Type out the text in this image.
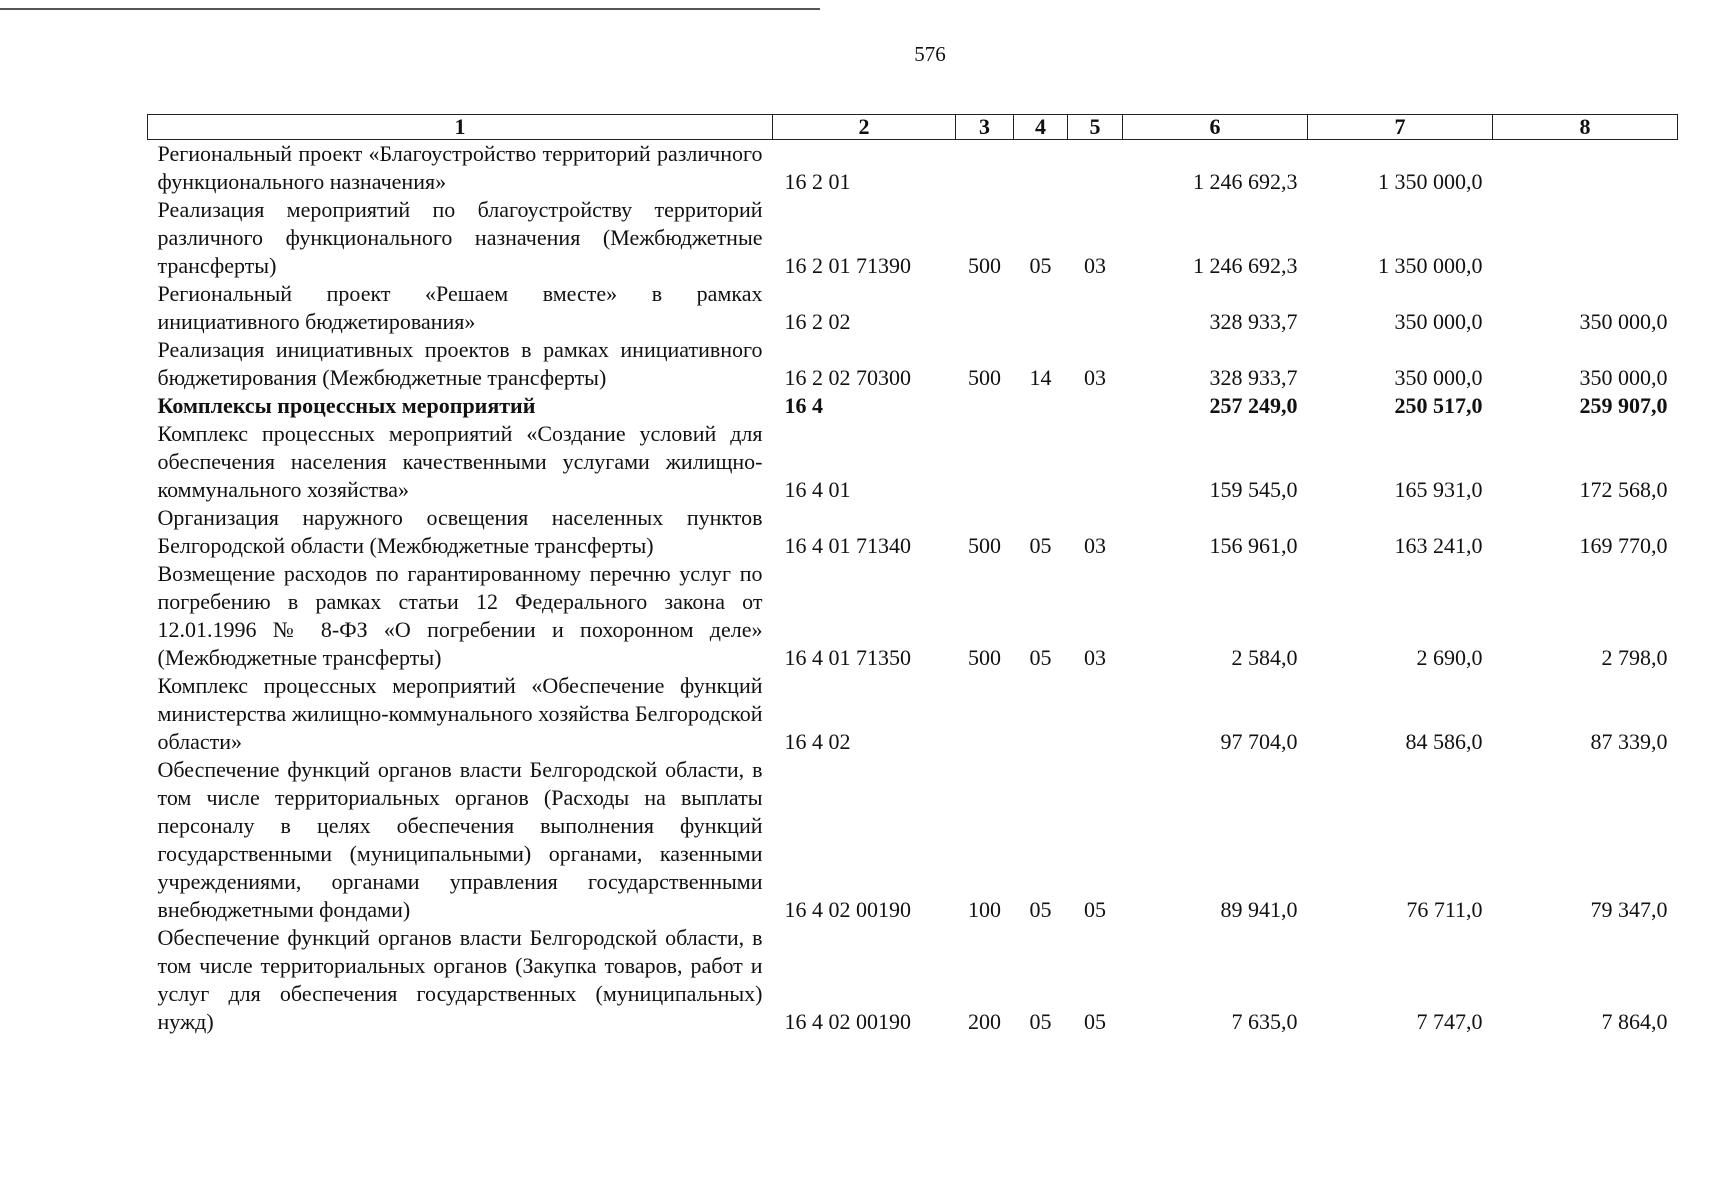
576
1	2	3	4	5	6	7	8
Региональный проект «Благоустройство территорий различного функционального назначения»	16 2 01				1 246 692,3	1 350 000,0	
Реализация мероприятий по благоустройству территорий различного функционального назначения (Межбюджетные трансферты)	16 2 01 71390	500	05	03	1 246 692,3	1 350 000,0	
Региональный проект «Решаем вместе» в рамках инициативного бюджетирования»	16 2 02				328 933,7	350 000,0	350 000,0
Реализация инициативных проектов в рамках инициативного бюджетирования (Межбюджетные трансферты)	16 2 02 70300	500	14	03	328 933,7	350 000,0	350 000,0
Комплексы процессных мероприятий	16 4				257 249,0	250 517,0	259 907,0
Комплекс процессных мероприятий «Создание условий для обеспечения населения качественными услугами жилищно-коммунального хозяйства»	16 4 01				159 545,0	165 931,0	172 568,0
Организация наружного освещения населенных пунктов Белгородской области (Межбюджетные трансферты)	16 4 01 71340	500	05	03	156 961,0	163 241,0	169 770,0
Возмещение расходов по гарантированному перечню услуг по погребению в рамках статьи 12 Федерального закона от 12.01.1996 № 8-ФЗ «О погребении и похоронном деле» (Межбюджетные трансферты)	16 4 01 71350	500	05	03	2 584,0	2 690,0	2 798,0
Комплекс процессных мероприятий «Обеспечение функций министерства жилищно-коммунального хозяйства Белгородской области»	16 4 02				97 704,0	84 586,0	87 339,0
Обеспечение функций органов власти Белгородской области, в том числе территориальных органов (Расходы на выплаты персоналу в целях обеспечения выполнения функций государственными (муниципальными) органами, казенными учреждениями, органами управления государственными внебюджетными фондами)	16 4 02 00190	100	05	05	89 941,0	76 711,0	79 347,0
Обеспечение функций органов власти Белгородской области, в том числе территориальных органов (Закупка товаров, работ и услуг для обеспечения государственных (муниципальных) нужд)	16 4 02 00190	200	05	05	7 635,0	7 747,0	7 864,0
